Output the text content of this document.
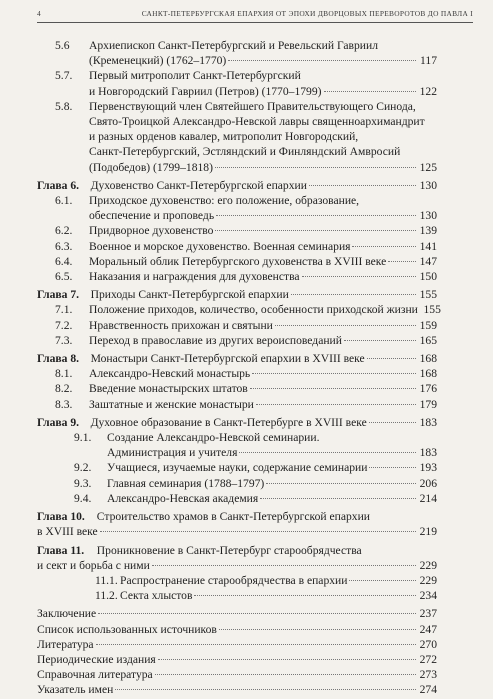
4	САНКТ-ПЕТЕРБУРГСКАЯ ЕПАРХИЯ ОТ ЭПОХИ ДВОРЦОВЫХ ПЕРЕВОРОТОВ ДО ПАВЛА I
5.6 Архиепископ Санкт-Петербургский и Ревельский Гавриил
(Кременецкий) (1762–1770)	117
5.7. Первый митрополит Санкт-Петербургский
и Новгородский Гавриил (Петров) (1770–1799)	122
5.8. Первенствующий член Святейшего Правительствующего Синода,
Свято-Троицкой Александро-Невской лавры священноархимандрит
и разных орденов кавалер, митрополит Новгородский,
Санкт-Петербургский, Эстляндский и Финляндский Амвросий
(Подобедов) (1799–1818)	125
Глава 6. Духовенство Санкт-Петербургской епархии	130
6.1. Приходское духовенство: его положение, образование,
обеспечение и проповедь	130
6.2. Придворное духовенство	139
6.3. Военное и морское духовенство. Военная семинария	141
6.4. Моральный облик Петербургского духовенства в XVIII веке	147
6.5. Наказания и награждения для духовенства	150
Глава 7. Приходы Санкт-Петербургской епархии	155
7.1. Положение приходов, количество, особенности приходской жизни 155
7.2. Нравственность прихожан и святыни	159
7.3. Переход в православие из других вероисповеданий	165
Глава 8. Монастыри Санкт-Петербургской епархии в XVIII веке	168
8.1. Александро-Невский монастырь	168
8.2. Введение монастырских штатов	176
8.3. Заштатные и женские монастыри	179
Глава 9. Духовное образование в Санкт-Петербурге в XVIII веке	183
9.1. Создание Александро-Невской семинарии.
Администрация и учителя	183
9.2. Учащиеся, изучаемые науки, содержание семинарии	193
9.3. Главная семинария (1788–1797)	206
9.4. Александро-Невская академия	214
Глава 10. Строительство храмов в Санкт-Петербургской епархии
в XVIII веке	219
Глава 11. Проникновение в Санкт-Петербург старообрядчества
и сект и борьба с ними	229
11.1. Распространение старообрядчества в епархии	229
11.2. Секта хлыстов	234
Заключение	237
Список использованных источников	247
Литература	270
Периодические издания	272
Справочная литература	273
Указатель имен	274
